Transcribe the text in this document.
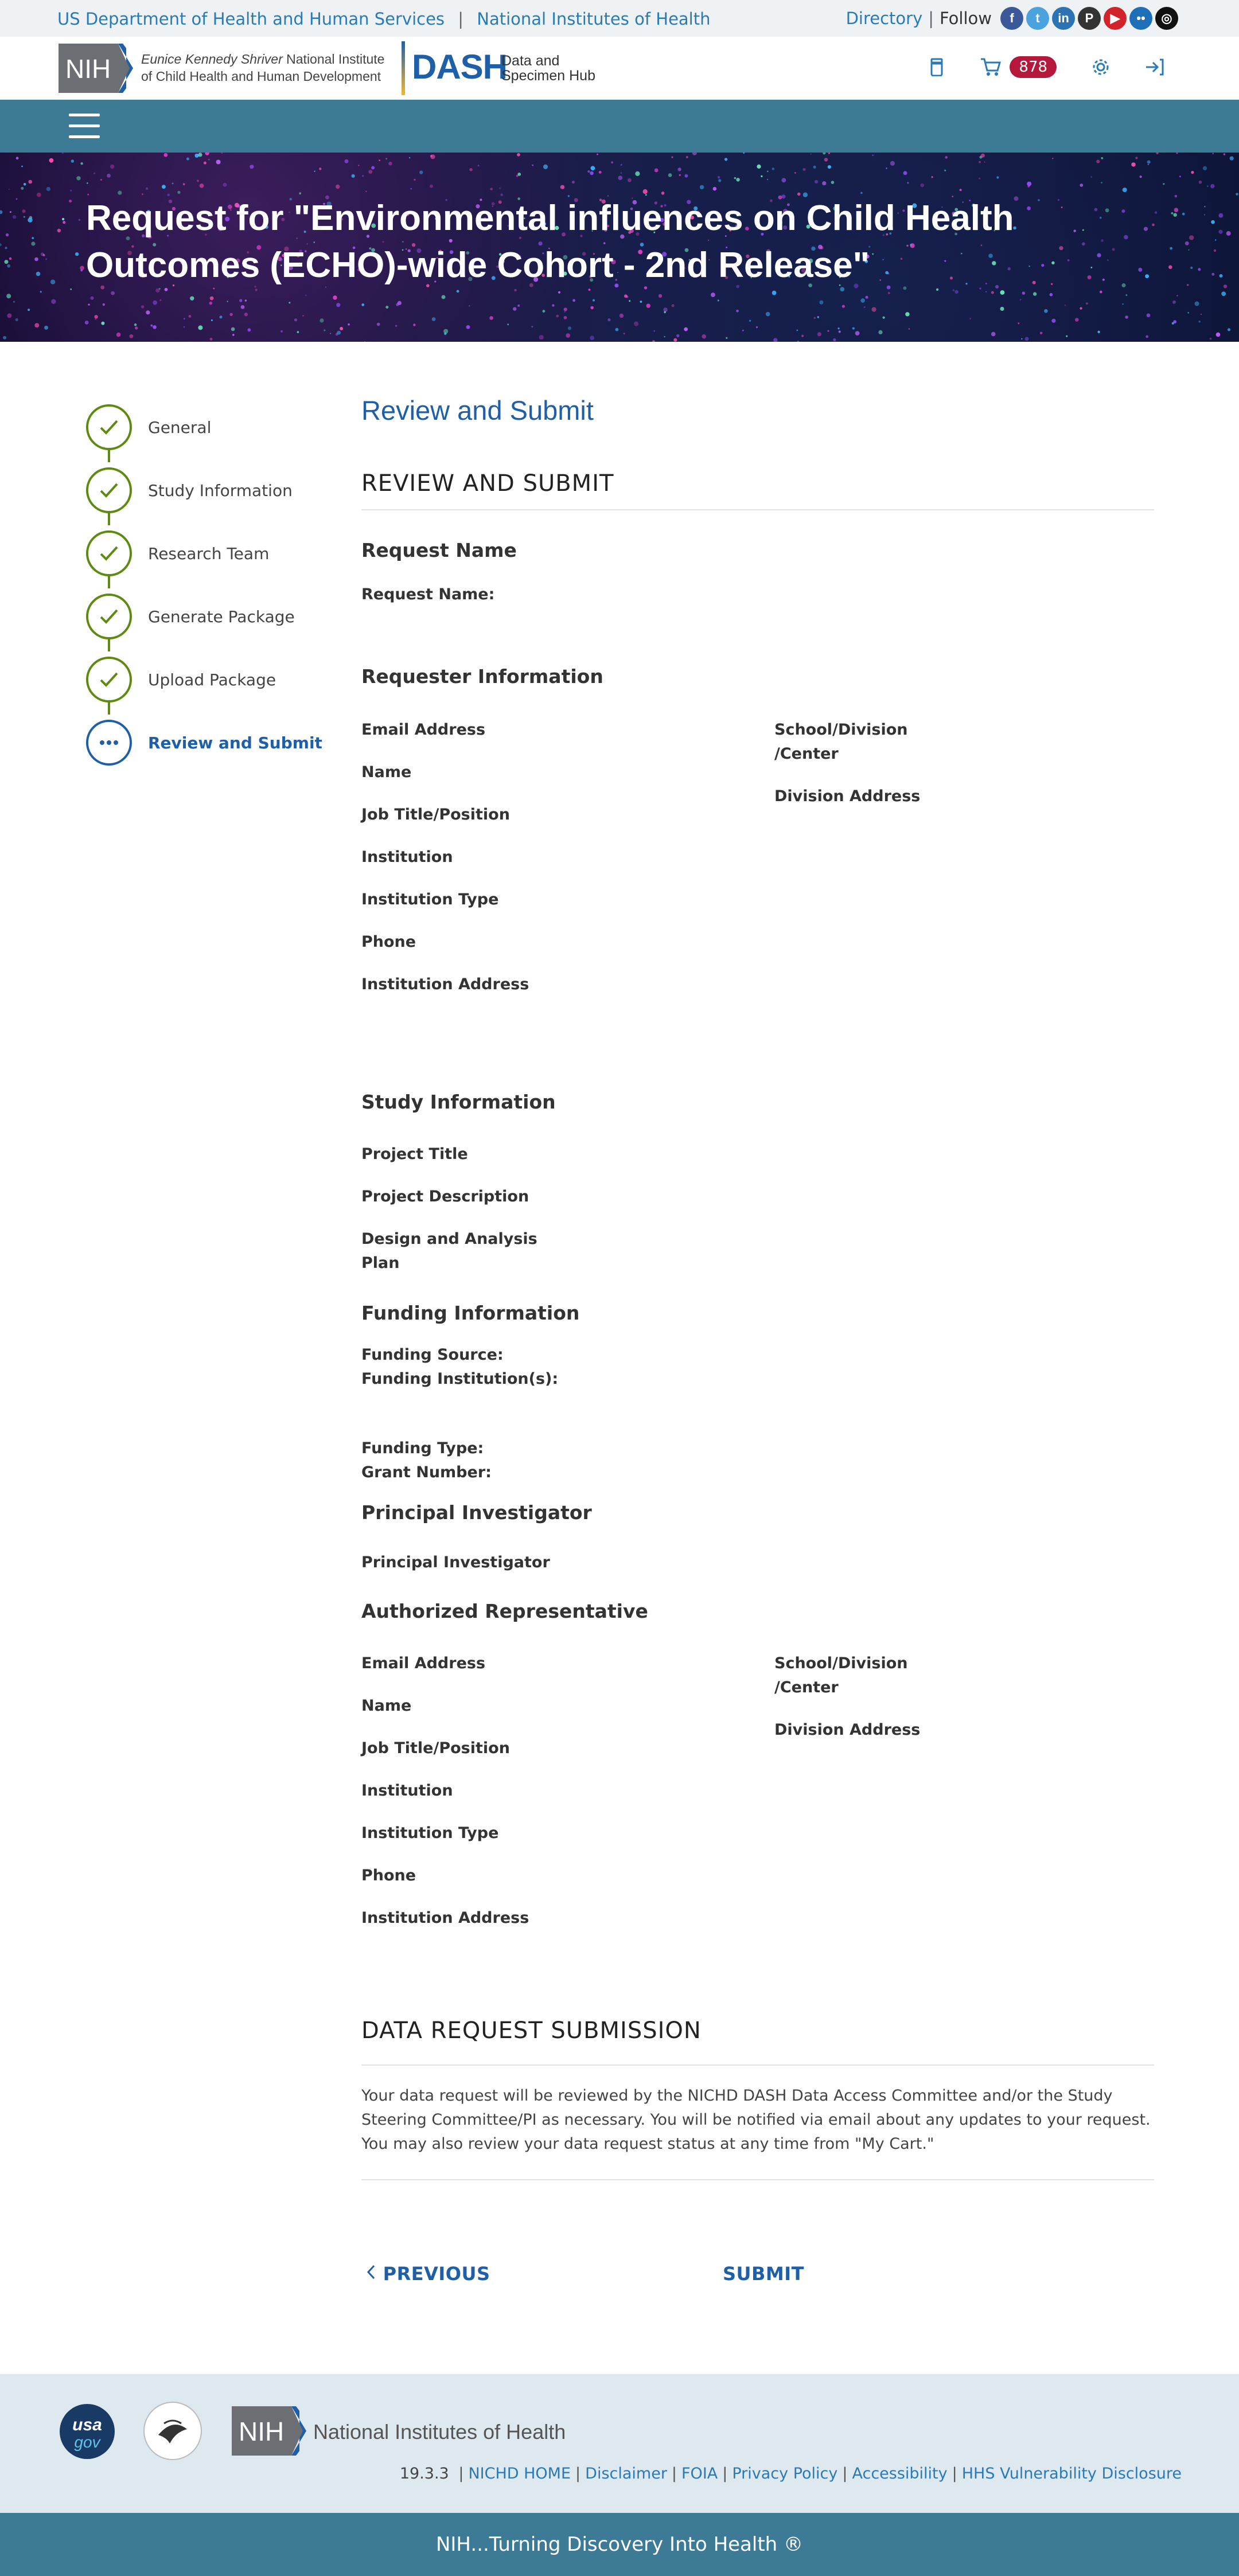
US Department of Health and Human Services | National Institutes of Health	Directory | Follow	f	t	in	P	▶	••	◎
NIH Eunice Kennedy Shriver National Institute
of Child Health and Human Development DASH
Data and
Specimen Hub	878
Request for "Environmental influences on Child Health Outcomes (ECHO)-wide Cohort - 2nd Release"
General
Study Information
Research Team
Generate Package
Upload Package
Review and Submit
Review and Submit
REVIEW AND SUBMIT
Request Name
Request Name:
Requester Information
Email Address
Name
Job Title/Position
Institution
Institution Type
Phone
Institution Address
School/Division
/Center
Division Address
Study Information
Project Title
Project Description
Design and Analysis
Plan
Funding Information
Funding Source:
Funding Institution(s):
Funding Type:
Grant Number:
Principal Investigator
Principal Investigator
Authorized Representative
Email Address
Name
Job Title/Position
Institution
Institution Type
Phone
Institution Address
School/Division
/Center
Division Address
DATA REQUEST SUBMISSION
Your data request will be reviewed by the NICHD DASH Data Access Committee and/or the Study Steering Committee/PI as necessary. You will be notified via email about any updates to your request. You may also review your data request status at any time from "My Cart."
PREVIOUS	SUBMIT
usa
gov	NIH National Institutes of Health
19.3.3 | NICHD HOME | Disclaimer | FOIA | Privacy Policy | Accessibility | HHS Vulnerability Disclosure
NIH...Turning Discovery Into Health ®
